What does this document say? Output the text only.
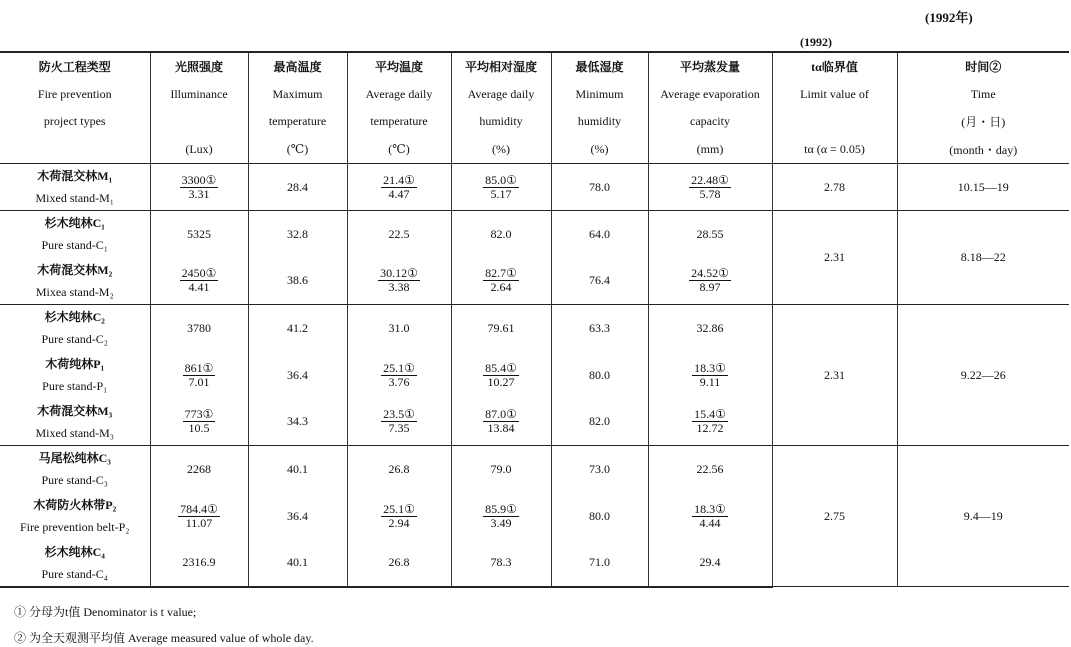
(1992年)
(1992)
防火工程类型	光照强度	最高温度	平均温度	平均相对湿度	最低湿度	平均蒸发量	tα临界值	时间②
Fire prevention	Illuminance	Maximum	Average daily	Average daily	Minimum	Average evaporation	Limit value of	Time
project types		temperature	temperature	humidity	humidity	capacity		(月・日)
	(Lux)	(℃)	(℃)	(%)	(%)	(mm)	tα (α = 0.05)	(month・day)

木荷混交林M₁
Mixed stand-M₁	$\frac{\text{3300①}}{3.31}$	28.4	$\frac{\text{21.4①}}{4.47}$	$\frac{\text{85.0①}}{5.17}$	78.0	$\frac{\text{22.48①}}{5.78}$	2.78	10.15—19

杉木纯林C₁
Pure stand-C₁	5325	32.8	22.5	82.0	64.0	28.55	2.31	8.18—22

木荷混交林M₂
Mixea stand-M₂	$\frac{\text{2450①}}{4.41}$	38.6	$\frac{\text{30.12①}}{3.38}$	$\frac{\text{82.7①}}{2.64}$	76.4	$\frac{\text{24.52①}}{8.97}$

杉木纯林C₂
Pure stand-C₂	3780	41.2	31.0	79.61	63.3	32.86	2.31	9.22—26

木荷纯林P₁
Pure stand-P₁	$\frac{\text{861①}}{7.01}$	36.4	$\frac{\text{25.1①}}{3.76}$	$\frac{\text{85.4①}}{10.27}$	80.0	$\frac{\text{18.3①}}{9.11}$

木荷混交林M₃
Mixed stand-M₃	$\frac{\text{773①}}{10.5}$	34.3	$\frac{\text{23.5①}}{7.35}$	$\frac{\text{87.0①}}{13.84}$	82.0	$\frac{\text{15.4①}}{12.72}$

马尾松纯林C₃
Pure stand-C₃	2268	40.1	26.8	79.0	73.0	22.56	2.75	9.4—19

木荷防火林带P₂
Fire prevention belt-P₂	$\frac{\text{784.4①}}{11.07}$	36.4	$\frac{\text{25.1①}}{2.94}$	$\frac{\text{85.9①}}{3.49}$	80.0	$\frac{\text{18.3①}}{4.44}$

杉木纯林C₄
Pure stand-C₄	2316.9	40.1	26.8	78.3	71.0	29.4		
① 分母为t值 Denominator is t value;
② 为全天观测平均值 Average measured value of whole day.
